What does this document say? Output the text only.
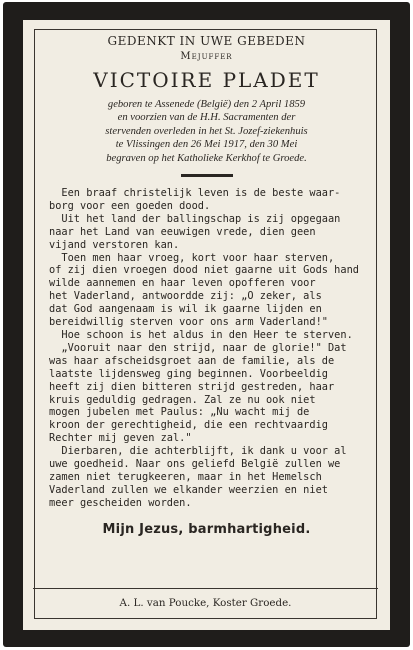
GEDENKT IN UWE GEBEDEN
Mejuffer
VICTOIRE PLADET
geboren te Assenede (België) den 2 April 1859
en voorzien van de H.H. Sacramenten der
stervenden overleden in het St. Jozef-ziekenhuis
te Vlissingen den 26 Mei 1917, den 30 Mei
begraven op het Katholieke Kerkhof te Groede.
Een braaf christelijk leven is de beste waar-
borg voor een goeden dood.
Uit het land der ballingschap is zij opgegaan
naar het Land van eeuwigen vrede, dien geen
vijand verstoren kan.
Toen men haar vroeg, kort voor haar sterven,
of zij dien vroegen dood niet gaarne uit Gods hand
wilde aannemen en haar leven opofferen voor
het Vaderland, antwoordde zij: „O zeker, als
dat God aangenaam is wil ik gaarne lijden en
bereidwillig sterven voor ons arm Vaderland!"
Hoe schoon is het aldus in den Heer te sterven.
„Vooruit naar den strijd, naar de glorie!" Dat
was haar afscheidsgroet aan de familie, als de
laatste lijdensweg ging beginnen. Voorbeeldig
heeft zij dien bitteren strijd gestreden, haar
kruis geduldig gedragen. Zal ze nu ook niet
mogen jubelen met Paulus: „Nu wacht mij de
kroon der gerechtigheid, die een rechtvaardig
Rechter mij geven zal."
Dierbaren, die achterblijft, ik dank u voor al
uwe goedheid. Naar ons geliefd België zullen we
zamen niet terugkeeren, maar in het Hemelsch
Vaderland zullen we elkander weerzien en niet
meer gescheiden worden.
Mijn Jezus, barmhartigheid.
A. L. van Poucke, Koster Groede.
